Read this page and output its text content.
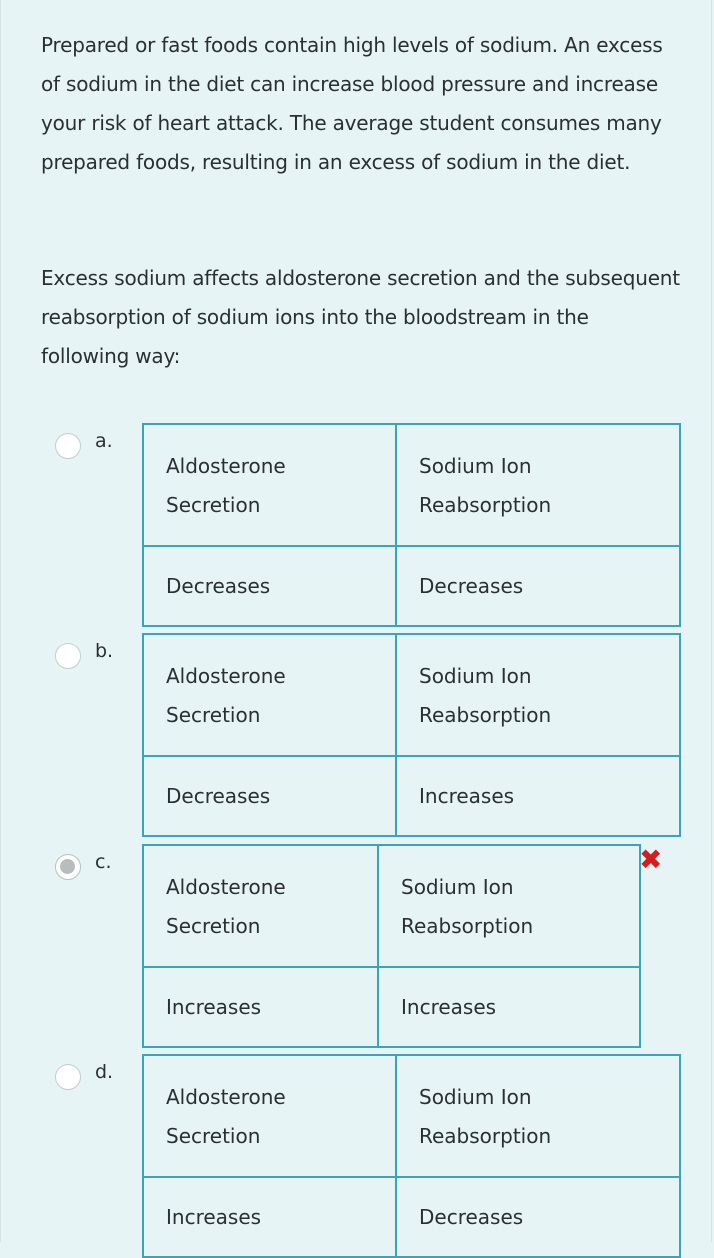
Prepared or fast foods contain high levels of sodium. An excess of sodium in the diet can increase blood pressure and increase your risk of heart attack. The average student consumes many prepared foods, resulting in an excess of sodium in the diet.

Excess sodium affects aldosterone secretion and the subsequent reabsorption of sodium ions into the bloodstream in the following way:

a.
Aldosterone Secretion	Sodium Ion Reabsorption
Decreases	Decreases
b.
Aldosterone Secretion	Sodium Ion Reabsorption
Decreases	Increases
c.
Aldosterone Secretion	Sodium Ion Reabsorption
Increases	Increases
✖
d.
Aldosterone Secretion	Sodium Ion Reabsorption
Increases	Decreases
